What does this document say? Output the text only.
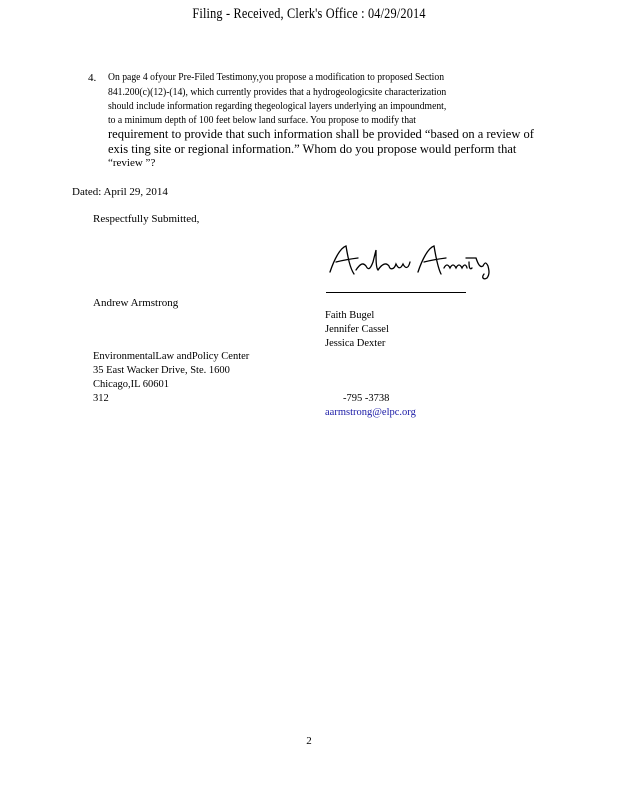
Filing - Received, Clerk's Office : 04/29/2014
4. On page 4 ofyour Pre-Filed Testimony,you propose a modification to proposed Section
841.200(c)(12)-(14), which currently provides that a hydrogeologicsite characterization
should include information regarding thegeological layers underlying an impoundment,
to a minimum depth of 100 feet below land surface. You propose to modify that
requirement to provide that such information shall be provided “based on a review of
exis ting site or regional information.” Whom do you propose would perform that
“review ”?
Dated: April 29, 2014
Respectfully Submitted,
Andrew Armstrong
Faith Bugel
Jennifer Cassel
Jessica Dexter
EnvironmentalLaw andPolicy Center
35 East Wacker Drive, Ste. 1600
Chicago,IL 60601
312	-795 -3738
aarmstrong@elpc.org
2
